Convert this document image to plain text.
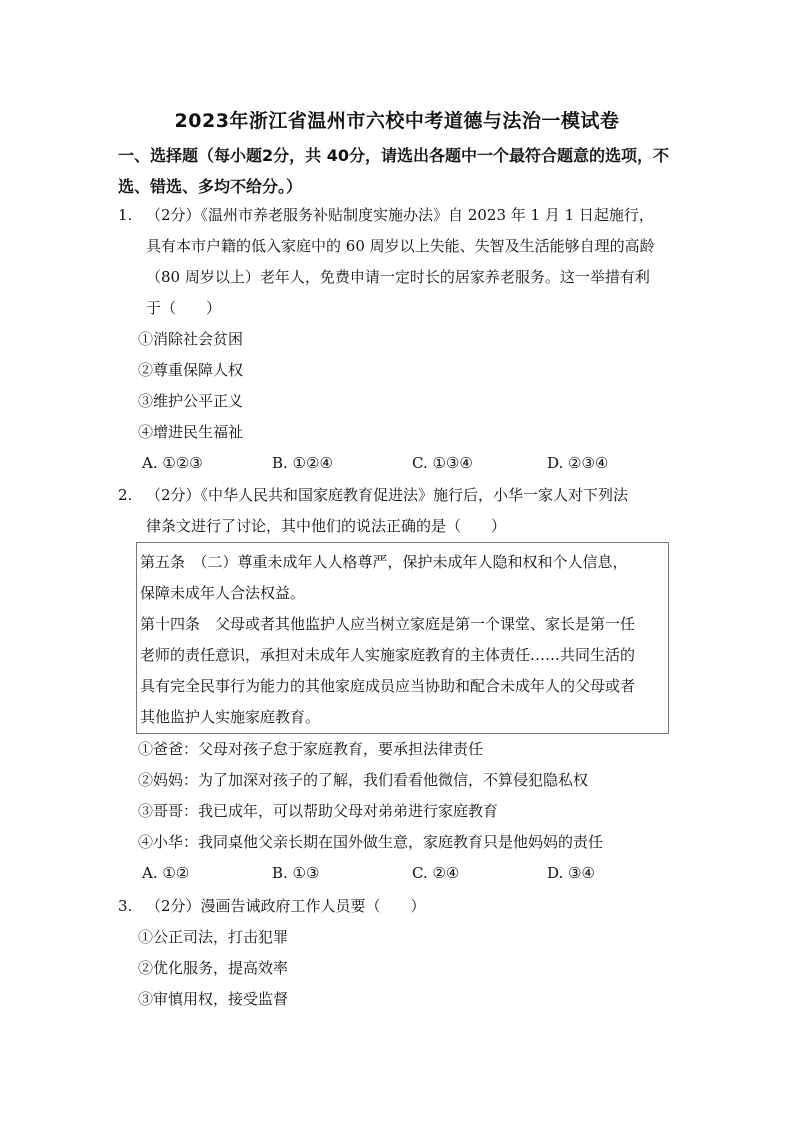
2023年浙江省温州市六校中考道德与法治一模试卷
一、选择题（每小题2分，共 40分，请选出各题中一个最符合题意的选项，不
选、错选、多均不给分。）
1. （2分）《温州市养老服务补贴制度实施办法》自 2023 年 1 月 1 日起施行，
具有本市户籍的低入家庭中的 60 周岁以上失能、失智及生活能够自理的高龄
（80 周岁以上）老年人，免费申请一定时长的居家养老服务。这一举措有利
于（　　）
①消除社会贫困
②尊重保障人权
③维护公平正义
④增进民生福祉
A. ①②③	B. ①②④	C. ①③④	D. ②③④
2. （2分）《中华人民共和国家庭教育促进法》施行后，小华一家人对下列法
律条文进行了讨论，其中他们的说法正确的是（　　）
第五条　（二）尊重未成年人人格尊严，保护未成年人隐和权和个人信息，
保障未成年人合法权益。
第十四条　父母或者其他监护人应当树立家庭是第一个课堂、家长是第一任
老师的责任意识，承担对未成年人实施家庭教育的主体责任……共同生活的
具有完全民事行为能力的其他家庭成员应当协助和配合未成年人的父母或者
其他监护人实施家庭教育。
①爸爸：父母对孩子怠于家庭教育，要承担法律责任
②妈妈：为了加深对孩子的了解，我们看看他微信，不算侵犯隐私权
③哥哥：我已成年，可以帮助父母对弟弟进行家庭教育
④小华：我同桌他父亲长期在国外做生意，家庭教育只是他妈妈的责任
A. ①②	B. ①③	C. ②④	D. ③④
3. （2分）漫画告诫政府工作人员要（　　）
①公正司法，打击犯罪
②优化服务，提高效率
③审慎用权，接受监督
